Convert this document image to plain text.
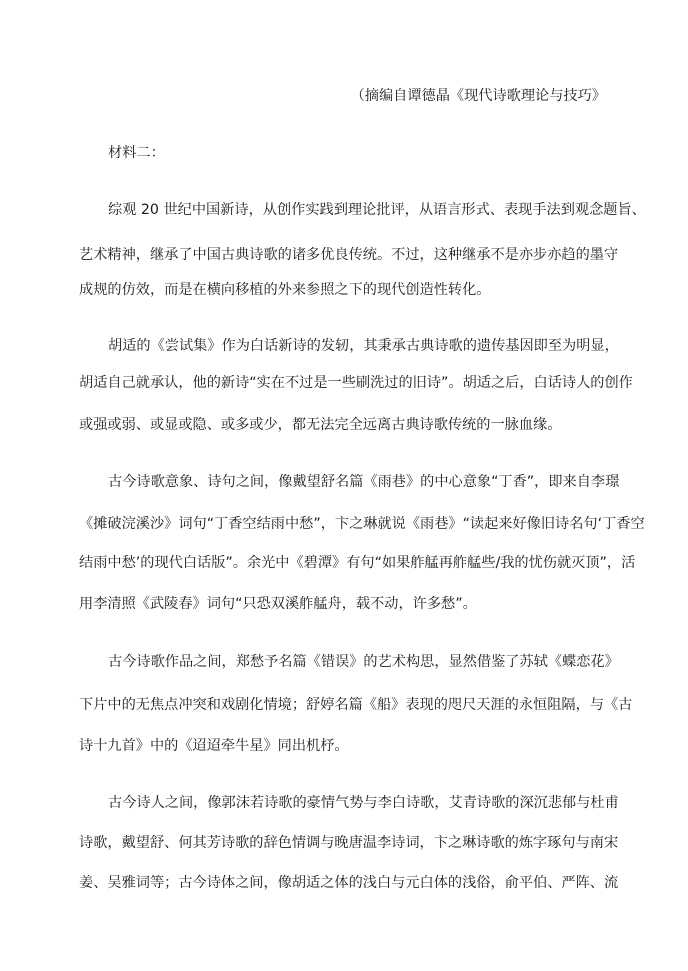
（摘编自谭德晶《现代诗歌理论与技巧》
材料二：
综观 20 世纪中国新诗，从创作实践到理论批评，从语言形式、表现手法到观念题旨、
艺术精神，继承了中国古典诗歌的诸多优良传统。不过，这种继承不是亦步亦趋的墨守
成规的仿效，而是在横向移植的外来参照之下的现代创造性转化。
胡适的《尝试集》作为白话新诗的发轫，其秉承古典诗歌的遗传基因即至为明显，
胡适自己就承认，他的新诗“实在不过是一些刷洗过的旧诗”。胡适之后，白话诗人的创作
或强或弱、或显或隐、或多或少，都无法完全远离古典诗歌传统的一脉血缘。
古今诗歌意象、诗句之间，像戴望舒名篇《雨巷》的中心意象“丁香”，即来自李璟
《摊破浣溪沙》词句“丁香空结雨中愁”，卞之琳就说《雨巷》“读起来好像旧诗名句‘丁香空
结雨中愁’的现代白话版”。余光中《碧潭》有句“如果舴艋再舴艋些/我的忧伤就灭顶”，活
用李清照《武陵春》词句“只恐双溪舴艋舟，载不动，许多愁”。
古今诗歌作品之间，郑愁予名篇《错误》的艺术构思，显然借鉴了苏轼《蝶恋花》
下片中的无焦点冲突和戏剧化情境；舒婷名篇《船》表现的咫尺天涯的永恒阻隔，与《古
诗十九首》中的《迢迢牵牛星》同出机杼。
古今诗人之间，像郭沫若诗歌的豪情气势与李白诗歌，艾青诗歌的深沉悲郁与杜甫
诗歌，戴望舒、何其芳诗歌的辞色情调与晚唐温李诗词，卞之琳诗歌的炼字琢句与南宋
姜、吴雅词等；古今诗体之间，像胡适之体的浅白与元白体的浅俗，俞平伯、严阵、流
